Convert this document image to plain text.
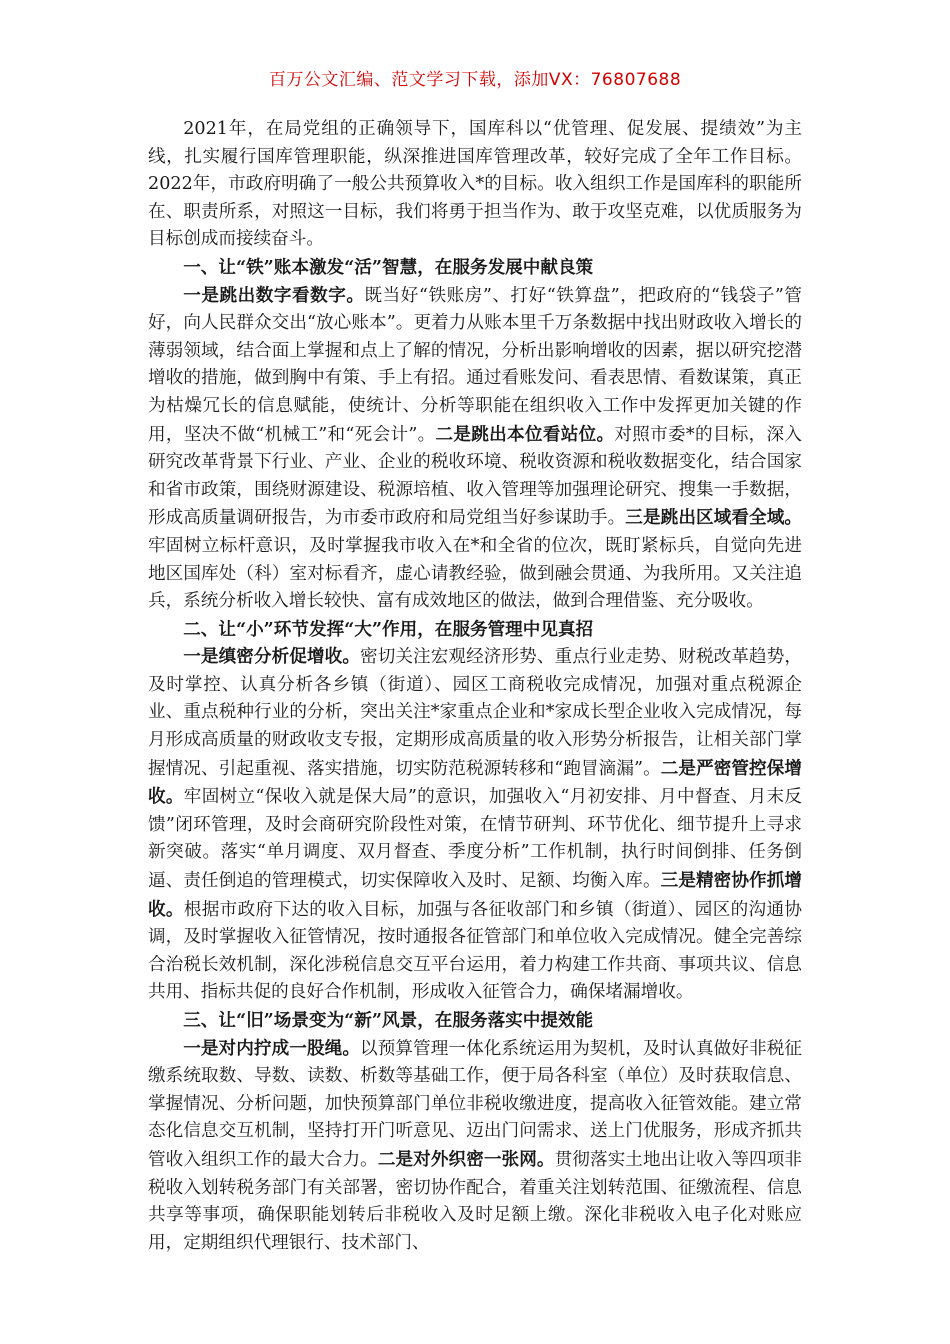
百万公文汇编、范文学习下载，添加VX：76807688

2021年，在局党组的正确领导下，国库科以“优管理、促发展、提绩效”为主线，扎实履行国库管理职能，纵深推进国库管理改革，较好完成了全年工作目标。2022年，市政府明确了一般公共预算收入*的目标。收入组织工作是国库科的职能所在、职责所系，对照这一目标，我们将勇于担当作为、敢于攻坚克难，以优质服务为目标创成而接续奋斗。

一、让“铁”账本激发“活”智慧，在服务发展中献良策

一是跳出数字看数字。既当好“铁账房”、打好“铁算盘”，把政府的“钱袋子”管好，向人民群众交出“放心账本”。更着力从账本里千万条数据中找出财政收入增长的薄弱领域，结合面上掌握和点上了解的情况，分析出影响增收的因素，据以研究挖潜增收的措施，做到胸中有策、手上有招。通过看账发问、看表思情、看数谋策，真正为枯燥冗长的信息赋能，使统计、分析等职能在组织收入工作中发挥更加关键的作用，坚决不做“机械工”和“死会计”。二是跳出本位看站位。对照市委*的目标，深入研究改革背景下行业、产业、企业的税收环境、税收资源和税收数据变化，结合国家和省市政策，围绕财源建设、税源培植、收入管理等加强理论研究、搜集一手数据，形成高质量调研报告，为市委市政府和局党组当好参谋助手。三是跳出区域看全域。牢固树立标杆意识，及时掌握我市收入在*和全省的位次，既盯紧标兵，自觉向先进地区国库处（科）室对标看齐，虚心请教经验，做到融会贯通、为我所用。又关注追兵，系统分析收入增长较快、富有成效地区的做法，做到合理借鉴、充分吸收。

二、让“小”环节发挥“大”作用，在服务管理中见真招

一是缜密分析促增收。密切关注宏观经济形势、重点行业走势、财税改革趋势，及时掌控、认真分析各乡镇（街道）、园区工商税收完成情况，加强对重点税源企业、重点税种行业的分析，突出关注*家重点企业和*家成长型企业收入完成情况，每月形成高质量的财政收支专报，定期形成高质量的收入形势分析报告，让相关部门掌握情况、引起重视、落实措施，切实防范税源转移和“跑冒滴漏”。二是严密管控保增收。牢固树立“保收入就是保大局”的意识，加强收入“月初安排、月中督查、月末反馈”闭环管理，及时会商研究阶段性对策，在情节研判、环节优化、细节提升上寻求新突破。落实“单月调度、双月督查、季度分析”工作机制，执行时间倒排、任务倒逼、责任倒追的管理模式，切实保障收入及时、足额、均衡入库。三是精密协作抓增收。根据市政府下达的收入目标，加强与各征收部门和乡镇（街道）、园区的沟通协调，及时掌握收入征管情况，按时通报各征管部门和单位收入完成情况。健全完善综合治税长效机制，深化涉税信息交互平台运用，着力构建工作共商、事项共议、信息共用、指标共促的良好合作机制，形成收入征管合力，确保堵漏增收。

三、让“旧”场景变为“新”风景，在服务落实中提效能

一是对内拧成一股绳。以预算管理一体化系统运用为契机，及时认真做好非税征缴系统取数、导数、读数、析数等基础工作，便于局各科室（单位）及时获取信息、掌握情况、分析问题，加快预算部门单位非税收缴进度，提高收入征管效能。建立常态化信息交互机制，坚持打开门听意见、迈出门问需求、送上门优服务，形成齐抓共管收入组织工作的最大合力。二是对外织密一张网。贯彻落实土地出让收入等四项非税收入划转税务部门有关部署，密切协作配合，着重关注划转范围、征缴流程、信息共享等事项，确保职能划转后非税收入及时足额上缴。深化非税收入电子化对账应用，定期组织代理银行、技术部门、
